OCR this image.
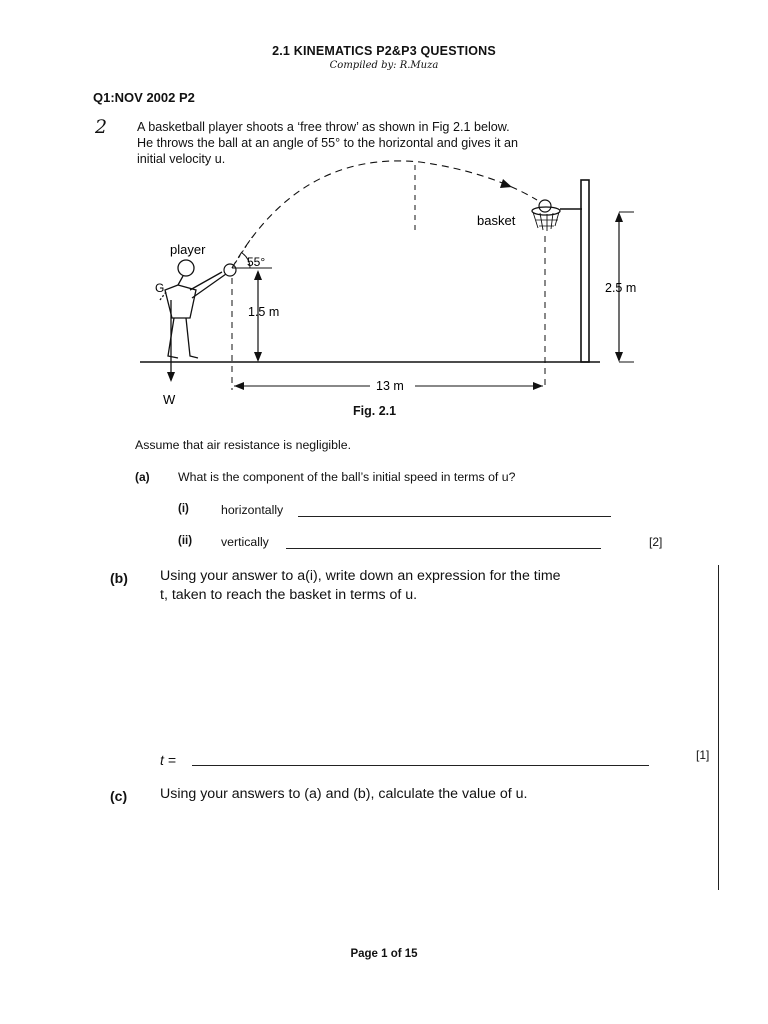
2.1 KINEMATICS P2&P3 QUESTIONS
Compiled by: R.Muza
Q1:NOV 2002 P2
2 A basketball player shoots a ‘free throw’ as shown in Fig 2.1 below.
He throws the ball at an angle of 55° to the horizontal and gives it an
initial velocity u.
player
basket
55°
1.5 m
2.5 m
13 m
W
G
Fig. 2.1
Assume that air resistance is negligible.
(a) What is the component of the ball’s initial speed in terms of u?
(i)	horizontally
(ii) vertically	[2]
(b) Using your answer to a(i), write down an expression for the time
t, taken to reach the basket in terms of u.
t =	[1]
(c) Using your answers to (a) and (b), calculate the value of u.
Page 1 of 15
